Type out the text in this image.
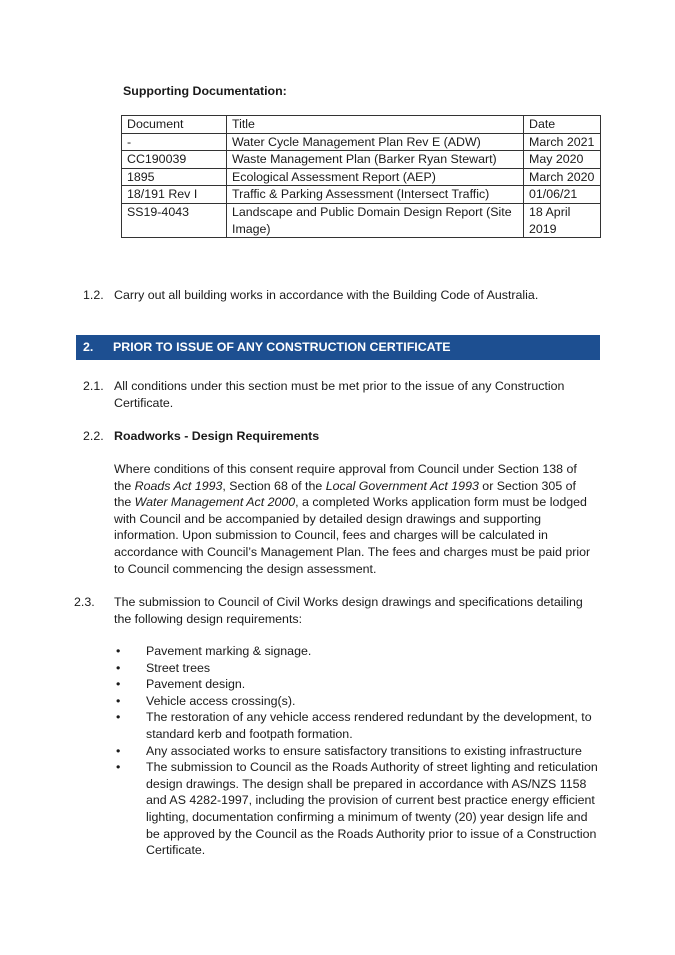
Supporting Documentation:
Document	Title	Date
-	Water Cycle Management Plan Rev E (ADW)	March 2021
CC190039	Waste Management Plan (Barker Ryan Stewart)	May 2020
1895	Ecological Assessment Report (AEP)	March 2020
18/191 Rev I	Traffic & Parking Assessment (Intersect Traffic)	01/06/21
SS19-4043	Landscape and Public Domain Design Report (Site Image)	18 April 2019
1.2. Carry out all building works in accordance with the Building Code of Australia.
2. PRIOR TO ISSUE OF ANY CONSTRUCTION CERTIFICATE
2.1. All conditions under this section must be met prior to the issue of any Construction Certificate.
2.2. Roadworks - Design Requirements
Where conditions of this consent require approval from Council under Section 138 of the Roads Act 1993, Section 68 of the Local Government Act 1993 or Section 305 of the Water Management Act 2000, a completed Works application form must be lodged with Council and be accompanied by detailed design drawings and supporting information. Upon submission to Council, fees and charges will be calculated in accordance with Council’s Management Plan. The fees and charges must be paid prior to Council commencing the design assessment.
2.3. The submission to Council of Civil Works design drawings and specifications detailing the following design requirements:
• Pavement marking & signage.
• Street trees
• Pavement design.
• Vehicle access crossing(s).
• The restoration of any vehicle access rendered redundant by the development, to standard kerb and footpath formation.
• Any associated works to ensure satisfactory transitions to existing infrastructure
• The submission to Council as the Roads Authority of street lighting and reticulation design drawings. The design shall be prepared in accordance with AS/NZS 1158 and AS 4282-1997, including the provision of current best practice energy efficient lighting, documentation confirming a minimum of twenty (20) year design life and be approved by the Council as the Roads Authority prior to issue of a Construction Certificate.
